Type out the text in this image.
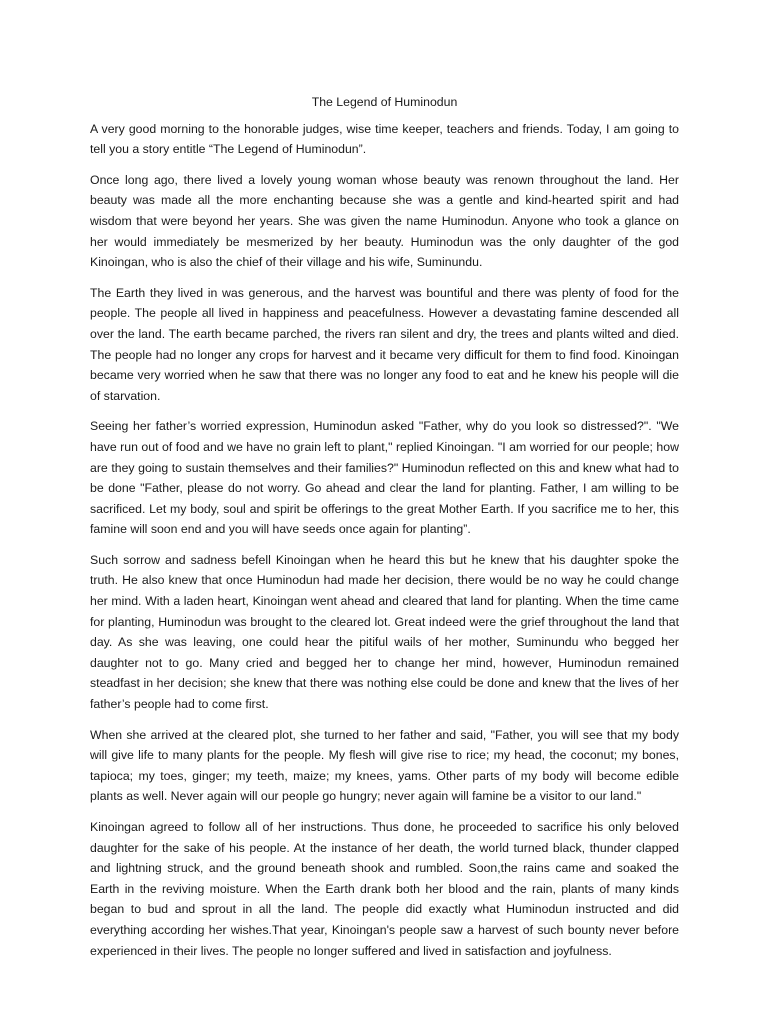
The Legend of Huminodun

A very good morning to the honorable judges, wise time keeper, teachers and friends. Today, I am going to tell you a story entitle “The Legend of Huminodun”.

Once long ago, there lived a lovely young woman whose beauty was renown throughout the land. Her beauty was made all the more enchanting because she was a gentle and kind-hearted spirit and had wisdom that were beyond her years. She was given the name Huminodun. Anyone who took a glance on her would immediately be mesmerized by her beauty. Huminodun was the only daughter of the god Kinoingan, who is also the chief of their village and his wife, Suminundu.

The Earth they lived in was generous, and the harvest was bountiful and there was plenty of food for the people. The people all lived in happiness and peacefulness. However a devastating famine descended all over the land. The earth became parched, the rivers ran silent and dry, the trees and plants wilted and died. The people had no longer any crops for harvest and it became very difficult for them to find food. Kinoingan became very worried when he saw that there was no longer any food to eat and he knew his people will die of starvation.

Seeing her father’s worried expression, Huminodun asked "Father, why do you look so distressed?". "We have run out of food and we have no grain left to plant," replied Kinoingan. "I am worried for our people; how are they going to sustain themselves and their families?" Huminodun reflected on this and knew what had to be done "Father, please do not worry. Go ahead and clear the land for planting. Father, I am willing to be sacrificed. Let my body, soul and spirit be offerings to the great Mother Earth. If you sacrifice me to her, this famine will soon end and you will have seeds once again for planting”.

Such sorrow and sadness befell Kinoingan when he heard this but he knew that his daughter spoke the truth. He also knew that once Huminodun had made her decision, there would be no way he could change her mind. With a laden heart, Kinoingan went ahead and cleared that land for planting. When the time came for planting, Huminodun was brought to the cleared lot. Great indeed were the grief throughout the land that day. As she was leaving, one could hear the pitiful wails of her mother, Suminundu who begged her daughter not to go. Many cried and begged her to change her mind, however, Huminodun remained steadfast in her decision; she knew that there was nothing else could be done and knew that the lives of her father’s people had to come first.

When she arrived at the cleared plot, she turned to her father and said, "Father, you will see that my body will give life to many plants for the people. My flesh will give rise to rice; my head, the coconut; my bones, tapioca; my toes, ginger; my teeth, maize; my knees, yams. Other parts of my body will become edible plants as well. Never again will our people go hungry; never again will famine be a visitor to our land."

Kinoingan agreed to follow all of her instructions. Thus done, he proceeded to sacrifice his only beloved daughter for the sake of his people. At the instance of her death, the world turned black, thunder clapped and lightning struck, and the ground beneath shook and rumbled. Soon,the rains came and soaked the Earth in the reviving moisture. When the Earth drank both her blood and the rain, plants of many kinds began to bud and sprout in all the land. The people did exactly what Huminodun instructed and did everything according her wishes.That year, Kinoingan's people saw a harvest of such bounty never before experienced in their lives. The people no longer suffered and lived in satisfaction and joyfulness.
